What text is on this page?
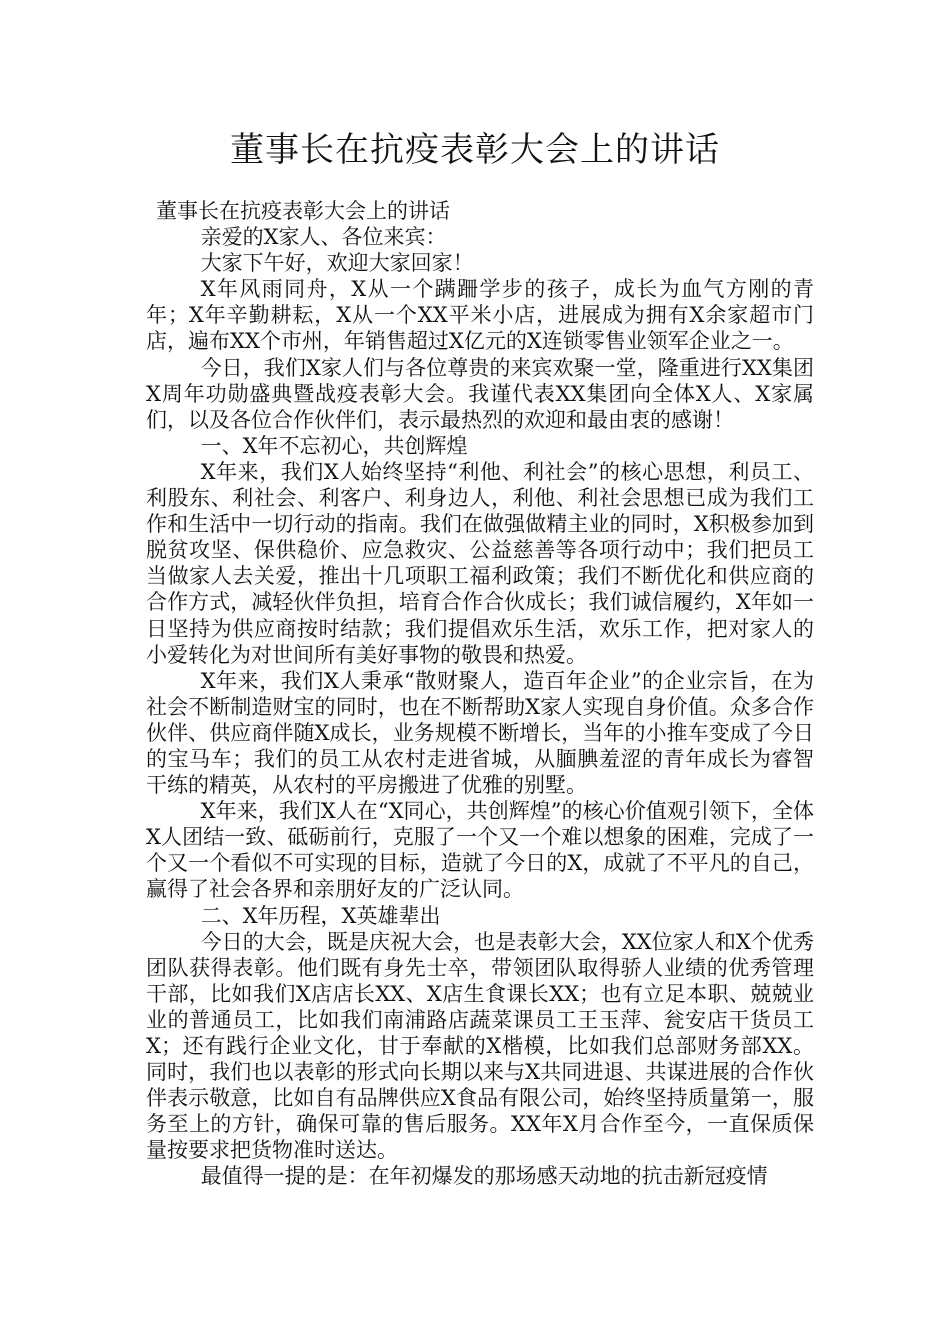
董事长在抗疫表彰大会上的讲话

董事长在抗疫表彰大会上的讲话

亲爱的X家人、各位来宾：

大家下午好，欢迎大家回家！

X年风雨同舟，X从一个蹒跚学步的孩子，成长为血气方刚的青年；X年辛勤耕耘，X从一个XX平米小店，进展成为拥有X余家超市门店，遍布XX个市州，年销售超过X亿元的X连锁零售业领军企业之一。

今日，我们X家人们与各位尊贵的来宾欢聚一堂，隆重进行XX集团X周年功勋盛典暨战疫表彰大会。我谨代表XX集团向全体X人、X家属们，以及各位合作伙伴们，表示最热烈的欢迎和最由衷的感谢！

一、X年不忘初心，共创辉煌

X年来，我们X人始终坚持“利他、利社会”的核心思想，利员工、利股东、利社会、利客户、利身边人，利他、利社会思想已成为我们工作和生活中一切行动的指南。我们在做强做精主业的同时，X积极参加到脱贫攻坚、保供稳价、应急救灾、公益慈善等各项行动中；我们把员工当做家人去关爱，推出十几项职工福利政策；我们不断优化和供应商的合作方式，减轻伙伴负担，培育合作合伙成长；我们诚信履约，X年如一日坚持为供应商按时结款；我们提倡欢乐生活，欢乐工作，把对家人的小爱转化为对世间所有美好事物的敬畏和热爱。

X年来，我们X人秉承“散财聚人，造百年企业”的企业宗旨，在为社会不断制造财宝的同时，也在不断帮助X家人实现自身价值。众多合作伙伴、供应商伴随X成长，业务规模不断增长，当年的小推车变成了今日的宝马车；我们的员工从农村走进省城，从腼腆羞涩的青年成长为睿智干练的精英，从农村的平房搬进了优雅的别墅。

X年来，我们X人在“X同心，共创辉煌”的核心价值观引领下，全体X人团结一致、砥砺前行，克服了一个又一个难以想象的困难，完成了一个又一个看似不可实现的目标，造就了今日的X，成就了不平凡的自己，赢得了社会各界和亲朋好友的广泛认同。

二、X年历程，X英雄辈出

今日的大会，既是庆祝大会，也是表彰大会，XX位家人和X个优秀团队获得表彰。他们既有身先士卒，带领团队取得骄人业绩的优秀管理干部，比如我们X店店长XX、X店生食课长XX；也有立足本职、兢兢业业的普通员工，比如我们南浦路店蔬菜课员工王玉萍、瓮安店干货员工X；还有践行企业文化，甘于奉献的X楷模，比如我们总部财务部XX。同时，我们也以表彰的形式向长期以来与X共同进退、共谋进展的合作伙伴表示敬意，比如自有品牌供应X食品有限公司，始终坚持质量第一，服务至上的方针，确保可靠的售后服务。XX年X月合作至今，一直保质保量按要求把货物准时送达。

最值得一提的是：在年初爆发的那场感天动地的抗击新冠疫情
